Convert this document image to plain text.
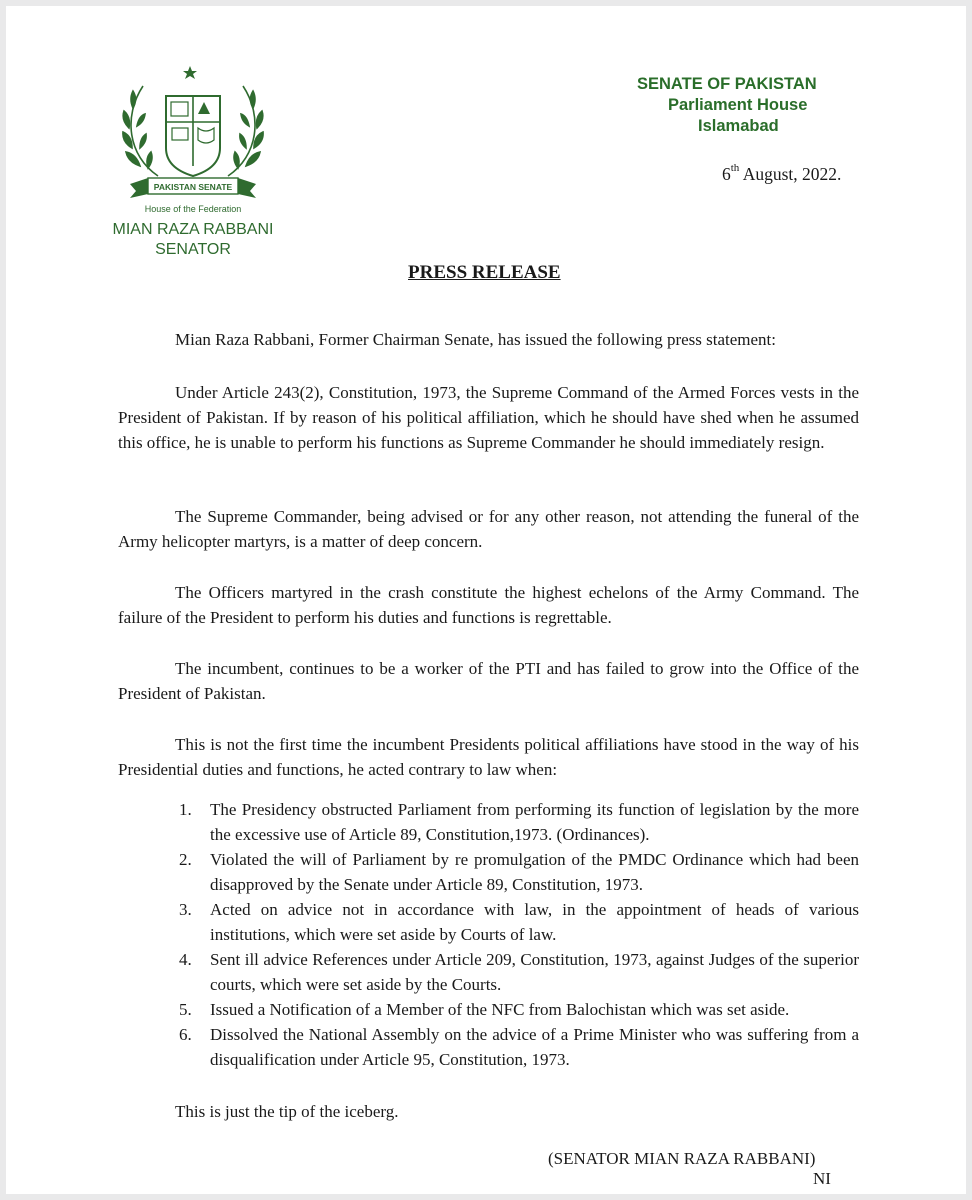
PAKISTAN SENATE
House of the Federation
MIAN RAZA RABBANI
SENATOR
SENATE OF PAKISTAN
Parliament House
Islamabad
6th August, 2022.
PRESS RELEASE

Mian Raza Rabbani, Former Chairman Senate, has issued the following press statement:

Under Article 243(2), Constitution, 1973, the Supreme Command of the Armed Forces vests in the President of Pakistan. If by reason of his political affiliation, which he should have shed when he assumed this office, he is unable to perform his functions as Supreme Commander he should immediately resign.

The Supreme Commander, being advised or for any other reason, not attending the funeral of the Army helicopter martyrs, is a matter of deep concern.

The Officers martyred in the crash constitute the highest echelons of the Army Command. The failure of the President to perform his duties and functions is regrettable.

The incumbent, continues to be a worker of the PTI and has failed to grow into the Office of the President of Pakistan.

This is not the first time the incumbent Presidents political affiliations have stood in the way of his Presidential duties and functions, he acted contrary to law when:

1.	The Presidency obstructed Parliament from performing its function of legislation by the more the excessive use of Article 89, Constitution,1973. (Ordinances).
2.	Violated the will of Parliament by re promulgation of the PMDC Ordinance which had been disapproved by the Senate under Article 89, Constitution, 1973.
3.	Acted on advice not in accordance with law, in the appointment of heads of various institutions, which were set aside by Courts of law.
4.	Sent ill advice References under Article 209, Constitution, 1973, against Judges of the superior courts, which were set aside by the Courts.
5.	Issued a Notification of a Member of the NFC from Balochistan which was set aside.
6.	Dissolved the National Assembly on the advice of a Prime Minister who was suffering from a disqualification under Article 95, Constitution, 1973.

This is just the tip of the iceberg.

(SENATOR MIAN RAZA RABBANI)
NI
